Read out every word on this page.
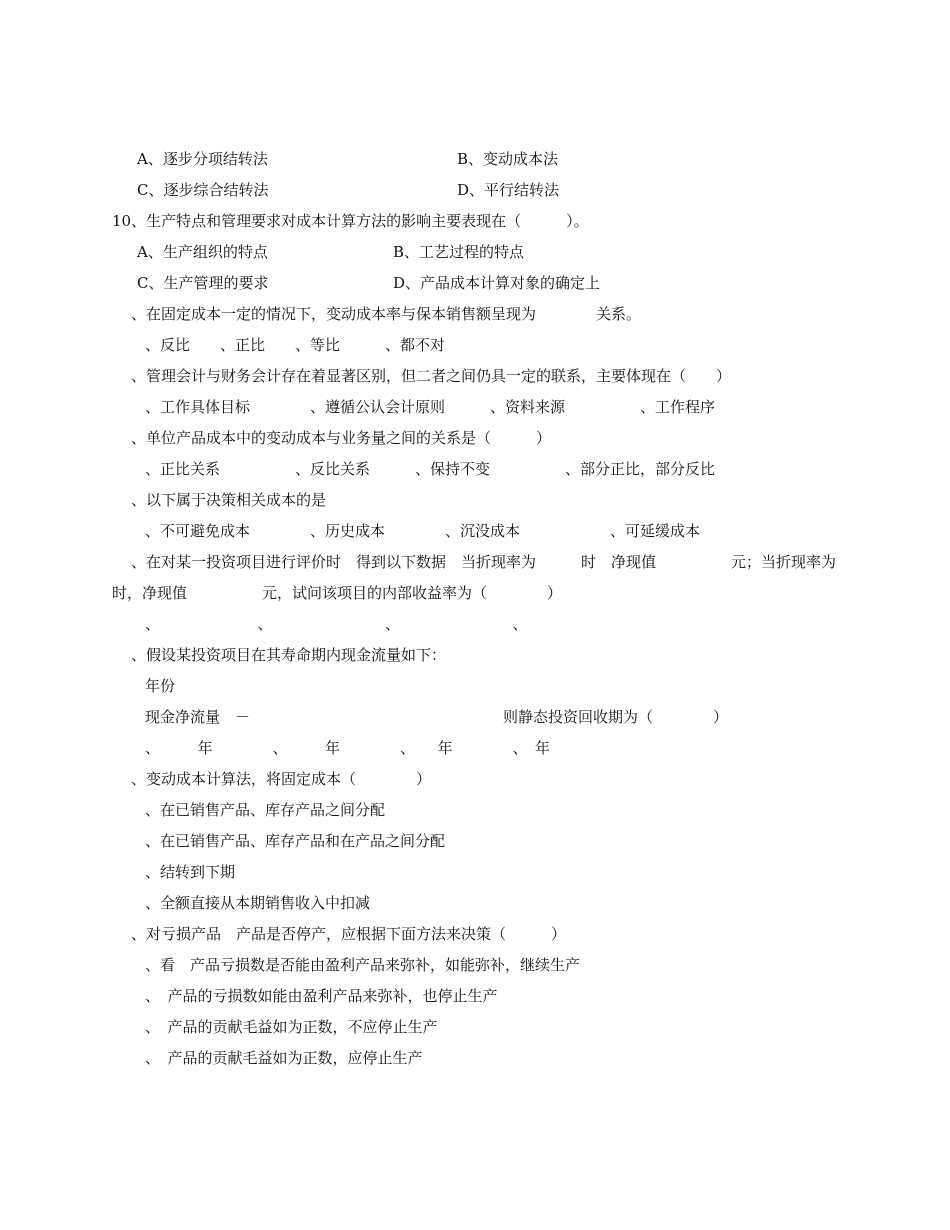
A、逐步分项结转法	B、变动成本法
C、逐步综合结转法	D、平行结转法
10、生产特点和管理要求对成本计算方法的影响主要表现在（　　　）。
A、生产组织的特点	B、工艺过程的特点
C、生产管理的要求	D、产品成本计算对象的确定上
、在固定成本一定的情况下，变动成本率与保本销售额呈现为　　　　关系。
、反比　　、正比　　、等比　　　、都不对
、管理会计与财务会计存在着显著区别，但二者之间仍具一定的联系，主要体现在（　　）
、工作具体目标　　　　、遵循公认会计原则　　　、资料来源　　　　　、工作程序
、单位产品成本中的变动成本与业务量之间的关系是（　　　）
、正比关系　　　　　、反比关系　　　、保持不变　　　　　、部分正比，部分反比
、以下属于决策相关成本的是
、不可避免成本　　　　、历史成本　　　　、沉没成本　　　　　　、可延缓成本
、在对某一投资项目进行评价时　得到以下数据　当折现率为　　　时　净现值　　　　　元；当折现率为
时，净现值　　　　　元，试问该项目的内部收益率为（　　　　）
、　　　　　　　、　　　　　　　　、　　　　　　　　、
、假设某投资项目在其寿命期内现金流量如下：
年份
现金净流量　－	则静态投资回收期为（　　　　）
、　　　年　　　　、　　　年　　　　、　　年　　　　、　年
、变动成本计算法，将固定成本（　　　　）
、在已销售产品、库存产品之间分配
、在已销售产品、库存产品和在产品之间分配
、结转到下期
、全额直接从本期销售收入中扣减
、对亏损产品　产品是否停产，应根据下面方法来决策（　　　）
、看　产品亏损数是否能由盈利产品来弥补，如能弥补，继续生产
、　产品的亏损数如能由盈利产品来弥补，也停止生产
、　产品的贡献毛益如为正数，不应停止生产
、　产品的贡献毛益如为正数，应停止生产
